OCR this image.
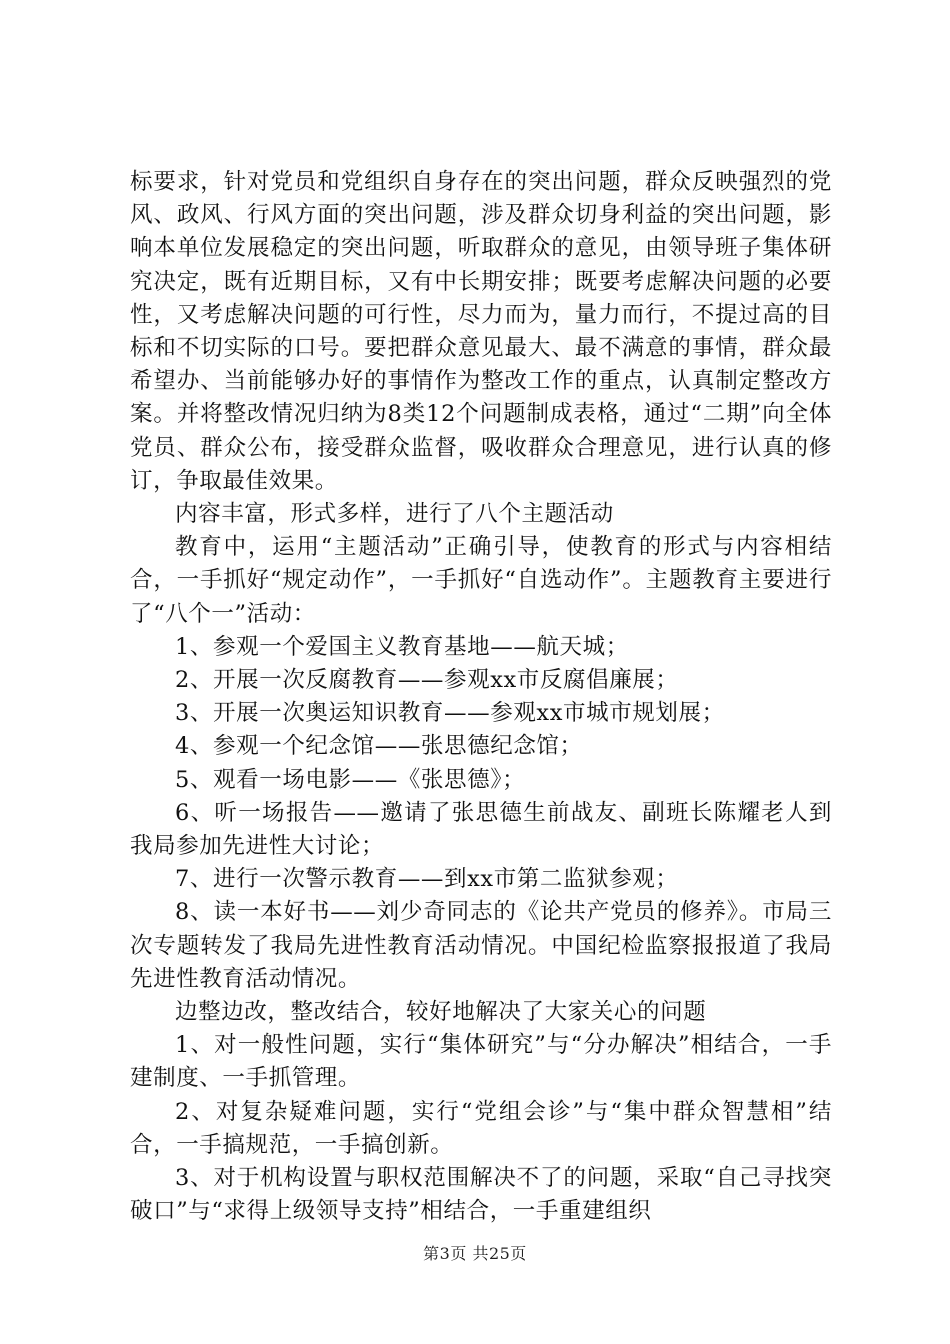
标要求，针对党员和党组织自身存在的突出问题，群众反映强烈的党风、政风、行风方面的突出问题，涉及群众切身利益的突出问题，影响本单位发展稳定的突出问题，听取群众的意见，由领导班子集体研究决定，既有近期目标，又有中长期安排；既要考虑解决问题的必要性，又考虑解决问题的可行性，尽力而为，量力而行，不提过高的目标和不切实际的口号。要把群众意见最大、最不满意的事情，群众最希望办、当前能够办好的事情作为整改工作的重点，认真制定整改方案。并将整改情况归纳为8类12个问题制成表格，通过“二期”向全体党员、群众公布，接受群众监督，吸收群众合理意见，进行认真的修订，争取最佳效果。

内容丰富，形式多样，进行了八个主题活动

教育中，运用“主题活动”正确引导，使教育的形式与内容相结合，一手抓好“规定动作”，一手抓好“自选动作”。主题教育主要进行了“八个一”活动：

1、参观一个爱国主义教育基地——航天城；

2、开展一次反腐教育——参观xx市反腐倡廉展；

3、开展一次奥运知识教育——参观xx市城市规划展；

4、参观一个纪念馆——张思德纪念馆；

5、观看一场电影——《张思德》；

6、听一场报告——邀请了张思德生前战友、副班长陈耀老人到我局参加先进性大讨论；

7、进行一次警示教育——到xx市第二监狱参观；

8、读一本好书——刘少奇同志的《论共产党员的修养》。市局三次专题转发了我局先进性教育活动情况。中国纪检监察报报道了我局先进性教育活动情况。

边整边改，整改结合，较好地解决了大家关心的问题

1、对一般性问题，实行“集体研究”与“分办解决”相结合，一手建制度、一手抓管理。

2、对复杂疑难问题，实行“党组会诊”与“集中群众智慧相”结合，一手搞规范，一手搞创新。

3、对于机构设置与职权范围解决不了的问题，采取“自己寻找突破口”与“求得上级领导支持”相结合，一手重建组织

第3页 共25页
